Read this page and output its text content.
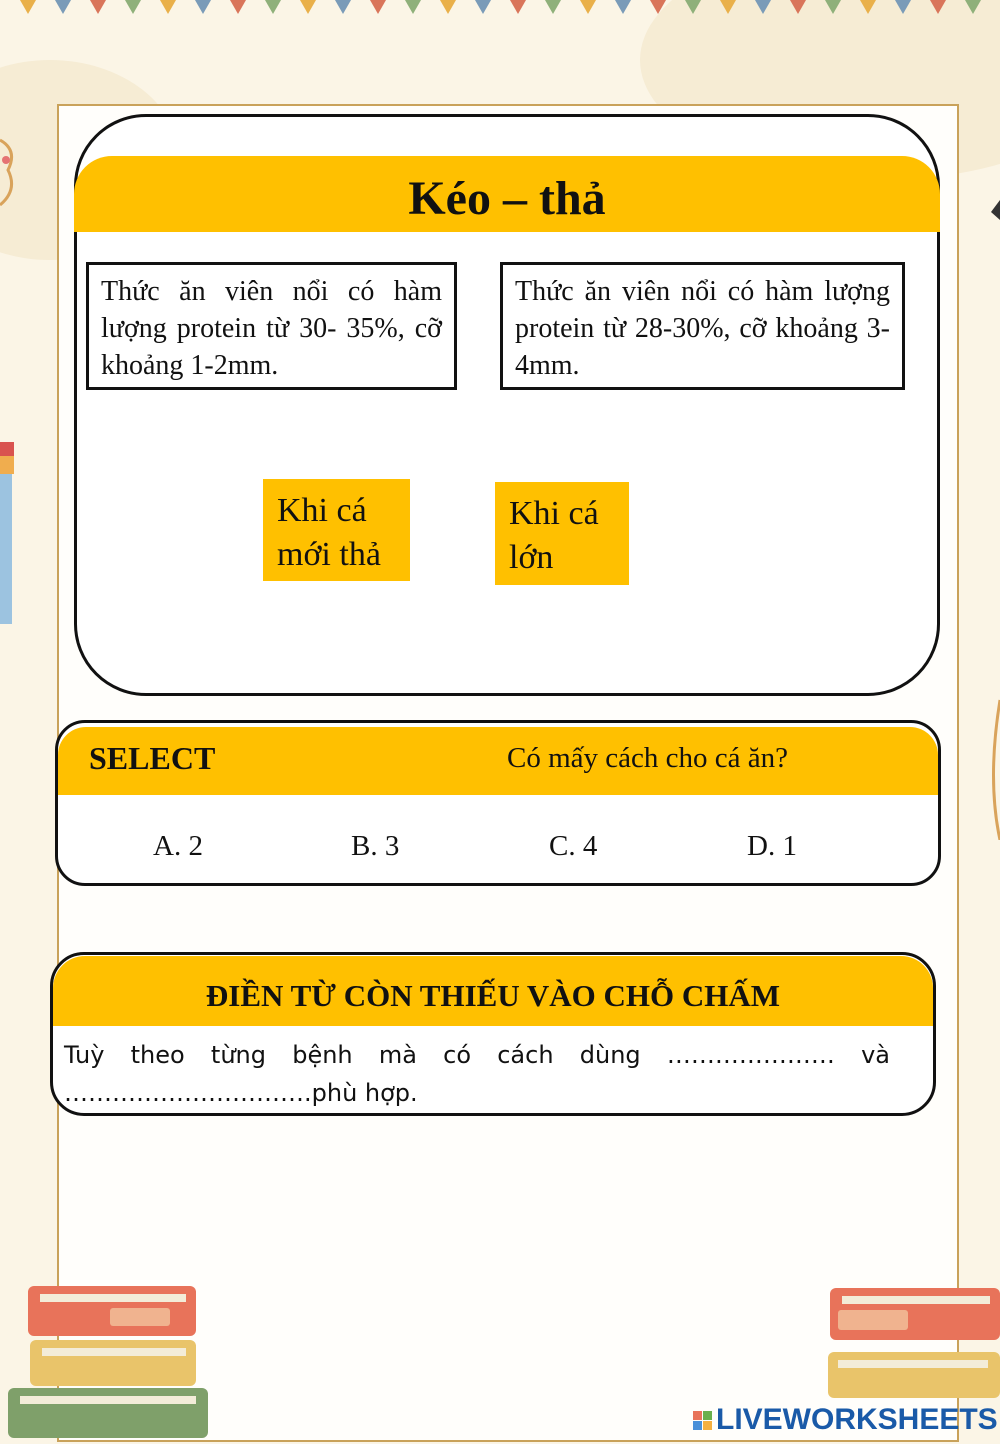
Kéo – thả
Thức ăn viên nổi có hàm lượng protein từ 30- 35%, cỡ khoảng 1-2mm.
Thức ăn viên nổi có hàm lượng protein từ 28-30%, cỡ khoảng 3-4mm.
Khi cá mới thả
Khi cá lớn
SELECT	Có mấy cách cho cá ăn?
A. 2	B. 3	C. 4	D. 1
ĐIỀN TỪ CÒN THIẾU VÀO CHỖ CHẤM
Tuỳ theo từng bệnh mà có cách dùng ………………… và ………………………….phù hợp.
LIVEWORKSHEETS
